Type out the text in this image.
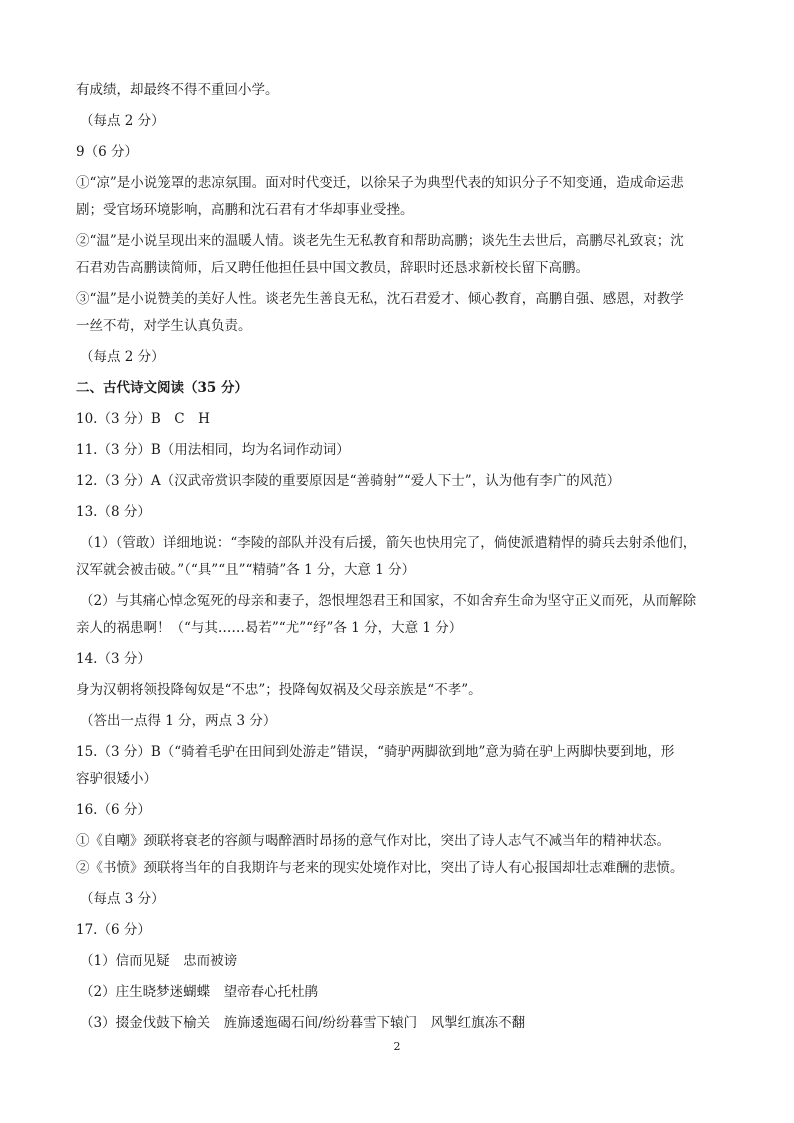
有成绩，却最终不得不重回小学。
（每点 2 分）
9（6 分）
①“凉”是小说笼罩的悲凉氛围。面对时代变迁，以徐呆子为典型代表的知识分子不知变通，造成命运悲
剧；受官场环境影响，高鹏和沈石君有才华却事业受挫。
②“温”是小说呈现出来的温暖人情。谈老先生无私教育和帮助高鹏；谈先生去世后，高鹏尽礼致哀；沈
石君劝告高鹏读简师，后又聘任他担任县中国文教员，辞职时还恳求新校长留下高鹏。
③“温”是小说赞美的美好人性。谈老先生善良无私，沈石君爱才、倾心教育，高鹏自强、感恩，对教学
一丝不苟，对学生认真负责。
（每点 2 分）
二、古代诗文阅读（35 分）
10.（3 分）B　C　H
11.（3 分）B（用法相同，均为名词作动词）
12.（3 分）A（汉武帝赏识李陵的重要原因是“善骑射”“爱人下士”，认为他有李广的风范）
13.（8 分）
（1）（管敢）详细地说：“李陵的部队并没有后援，箭矢也快用完了，倘使派遣精悍的骑兵去射杀他们，
汉军就会被击破。”（“具”“且”“精骑”各 1 分，大意 1 分）
（2）与其痛心悼念冤死的母亲和妻子，怨恨埋怨君王和国家，不如舍弃生命为坚守正义而死，从而解除
亲人的祸患啊！（“与其……曷若”“尤”“纾”各 1 分，大意 1 分）
14.（3 分）
身为汉朝将领投降匈奴是“不忠”；投降匈奴祸及父母亲族是“不孝”。
（答出一点得 1 分，两点 3 分）
15.（3 分）B（“骑着毛驴在田间到处游走”错误，“骑驴两脚欲到地”意为骑在驴上两脚快要到地，形
容驴很矮小）
16.（6 分）
①《自嘲》颈联将衰老的容颜与喝醉酒时昂扬的意气作对比，突出了诗人志气不减当年的精神状态。
②《书愤》颈联将当年的自我期许与老来的现实处境作对比，突出了诗人有心报国却壮志难酬的悲愤。
（每点 3 分）
17.（6 分）
（1）信而见疑　忠而被谤
（2）庄生晓梦迷蝴蝶　望帝春心托杜鹃
（3）掇金伐鼓下榆关　旌旆逶迤碣石间/纷纷暮雪下辕门　风掣红旗冻不翻
2
